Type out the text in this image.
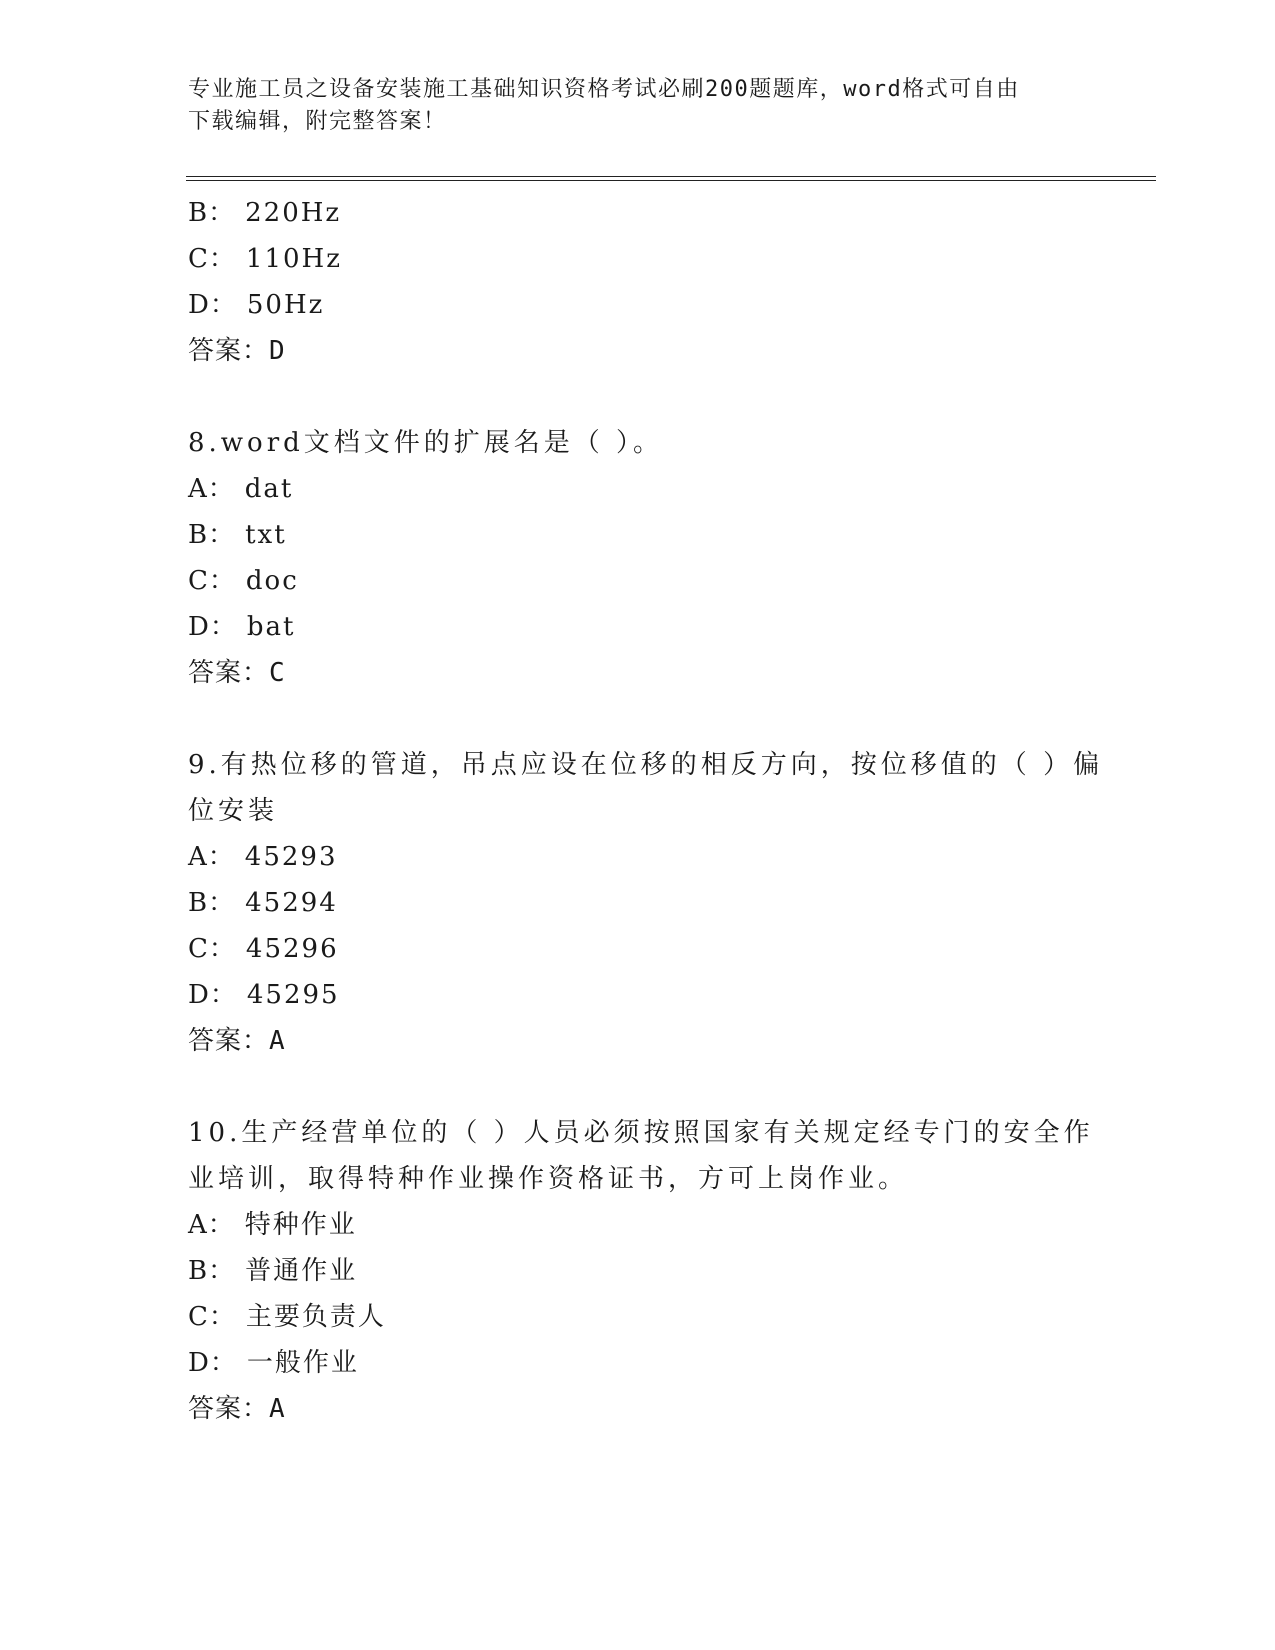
专业施工员之设备安装施工基础知识资格考试必刷200题题库，word格式可自由
下载编辑，附完整答案！
B： 220Hz
C： 110Hz
D： 50Hz
答案：D
8.word文档文件的扩展名是（ ）。
A： dat
B： txt
C： doc
D： bat
答案：C
9.有热位移的管道，吊点应设在位移的相反方向，按位移值的（ ）偏
位安装
A： 45293
B： 45294
C： 45296
D： 45295
答案：A
10.生产经营单位的（ ）人员必须按照国家有关规定经专门的安全作
业培训，取得特种作业操作资格证书，方可上岗作业。
A： 特种作业
B： 普通作业
C： 主要负责人
D： 一般作业
答案：A
